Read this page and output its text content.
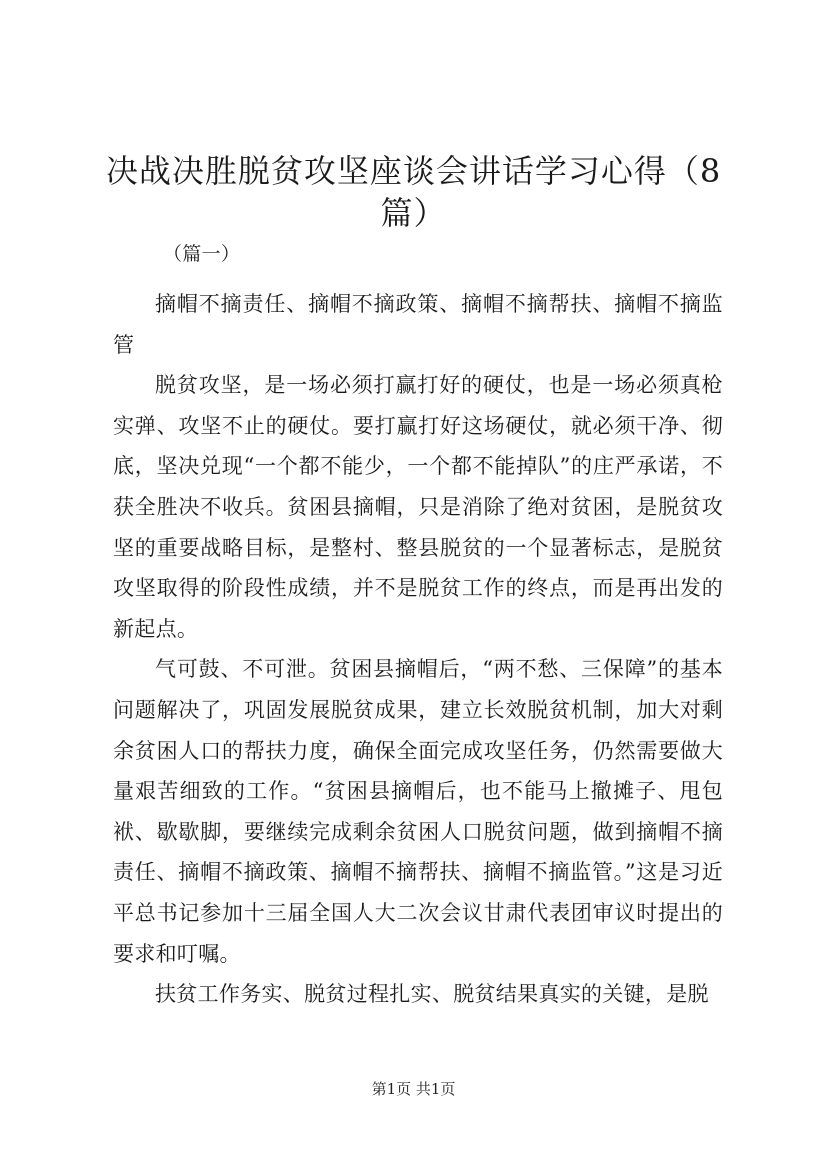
决战决胜脱贫攻坚座谈会讲话学习心得（8
篇）

（篇一）

摘帽不摘责任、摘帽不摘政策、摘帽不摘帮扶、摘帽不摘监管

脱贫攻坚，是一场必须打赢打好的硬仗，也是一场必须真枪实弹、攻坚不止的硬仗。要打赢打好这场硬仗，就必须干净、彻底，坚决兑现“一个都不能少，一个都不能掉队”的庄严承诺，不获全胜决不收兵。贫困县摘帽，只是消除了绝对贫困，是脱贫攻坚的重要战略目标，是整村、整县脱贫的一个显著标志，是脱贫攻坚取得的阶段性成绩，并不是脱贫工作的终点，而是再出发的新起点。

气可鼓、不可泄。贫困县摘帽后，“两不愁、三保障”的基本问题解决了，巩固发展脱贫成果，建立长效脱贫机制，加大对剩余贫困人口的帮扶力度，确保全面完成攻坚任务，仍然需要做大量艰苦细致的工作。“贫困县摘帽后，也不能马上撤摊子、甩包袱、歇歇脚，要继续完成剩余贫困人口脱贫问题，做到摘帽不摘责任、摘帽不摘政策、摘帽不摘帮扶、摘帽不摘监管。”这是习近平总书记参加十三届全国人大二次会议甘肃代表团审议时提出的要求和叮嘱。

扶贫工作务实、脱贫过程扎实、脱贫结果真实的关键，是脱

第1页 共1页
